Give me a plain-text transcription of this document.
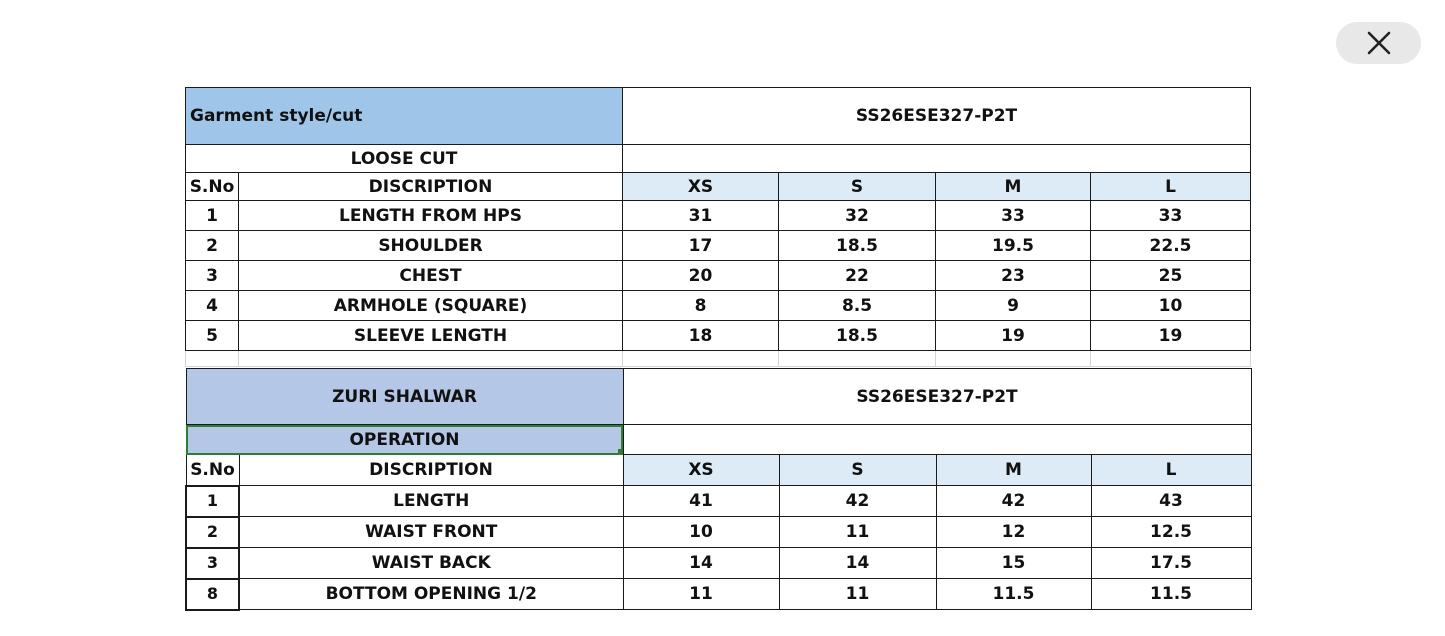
Garment style/cut		SS26ESE327-P2T			
LOOSE CUT					
S.No	DISCRIPTION	XS	S	M	L
1	LENGTH FROM HPS	31	32	33	33
2	SHOULDER	17	18.5	19.5	22.5
3	CHEST	20	22	23	25
4	ARMHOLE (SQUARE)	8	8.5	9	10
5	SLEEVE LENGTH	18	18.5	19	19

ZURI SHALWAR		SS26ESE327-P2T			
OPERATION				

S.No	DISCRIPTION	XS	S	M	L
1	LENGTH	41	42	42	43
2	WAIST FRONT	10	11	12	12.5
3	WAIST BACK	14	14	15	17.5
8	BOTTOM OPENING 1/2	11	11	11.5	11.5
